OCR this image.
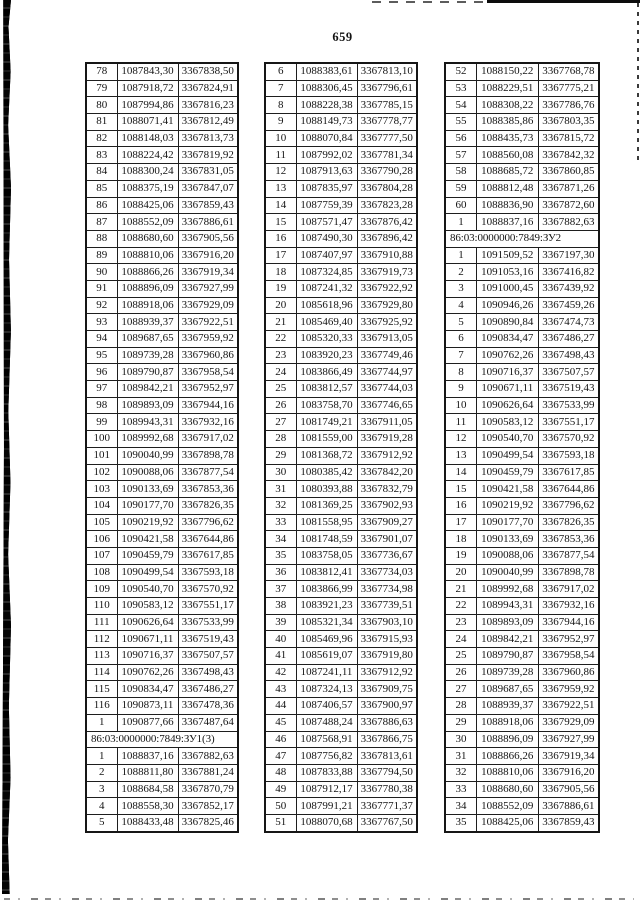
659
78	1087843,30	3367838,50
79	1087918,72	3367824,91
80	1087994,86	3367816,23
81	1088071,41	3367812,49
82	1088148,03	3367813,73
83	1088224,42	3367819,92
84	1088300,24	3367831,05
85	1088375,19	3367847,07
86	1088425,06	3367859,43
87	1088552,09	3367886,61
88	1088680,60	3367905,56
89	1088810,06	3367916,20
90	1088866,26	3367919,34
91	1088896,09	3367927,99
92	1088918,06	3367929,09
93	1088939,37	3367922,51
94	1089687,65	3367959,92
95	1089739,28	3367960,86
96	1089790,87	3367958,54
97	1089842,21	3367952,97
98	1089893,09	3367944,16
99	1089943,31	3367932,16
100	1089992,68	3367917,02
101	1090040,99	3367898,78
102	1090088,06	3367877,54
103	1090133,69	3367853,36
104	1090177,70	3367826,35
105	1090219,92	3367796,62
106	1090421,58	3367644,86
107	1090459,79	3367617,85
108	1090499,54	3367593,18
109	1090540,70	3367570,92
110	1090583,12	3367551,17
111	1090626,64	3367533,99
112	1090671,11	3367519,43
113	1090716,37	3367507,57
114	1090762,26	3367498,43
115	1090834,47	3367486,27
116	1090873,11	3367478,36
1	1090877,66	3367487,64
86:03:0000000:7849:ЗУ1(3)		
1	1088837,16	3367882,63
2	1088811,80	3367881,24
3	1088684,58	3367870,79
4	1088558,30	3367852,17
5	1088433,48	3367825,46
6	1088383,61	3367813,10
7	1088306,45	3367796,61
8	1088228,38	3367785,15
9	1088149,73	3367778,77
10	1088070,84	3367777,50
11	1087992,02	3367781,34
12	1087913,63	3367790,28
13	1087835,97	3367804,28
14	1087759,39	3367823,28
15	1087571,47	3367876,42
16	1087490,30	3367896,42
17	1087407,97	3367910,88
18	1087324,85	3367919,73
19	1087241,32	3367922,92
20	1085618,96	3367929,80
21	1085469,40	3367925,92
22	1085320,33	3367913,05
23	1083920,23	3367749,46
24	1083866,49	3367744,97
25	1083812,57	3367744,03
26	1083758,70	3367746,65
27	1081749,21	3367911,05
28	1081559,00	3367919,28
29	1081368,72	3367912,92
30	1080385,42	3367842,20
31	1080393,88	3367832,79
32	1081369,25	3367902,93
33	1081558,95	3367909,27
34	1081748,59	3367901,07
35	1083758,05	3367736,67
36	1083812,41	3367734,03
37	1083866,99	3367734,98
38	1083921,23	3367739,51
39	1085321,34	3367903,10
40	1085469,96	3367915,93
41	1085619,07	3367919,80
42	1087241,11	3367912,92
43	1087324,13	3367909,75
44	1087406,57	3367900,97
45	1087488,24	3367886,63
46	1087568,91	3367866,75
47	1087756,82	3367813,61
48	1087833,88	3367794,50
49	1087912,17	3367780,38
50	1087991,21	3367771,37
51	1088070,68	3367767,50
52	1088150,22	3367768,78
53	1088229,51	3367775,21
54	1088308,22	3367786,76
55	1088385,86	3367803,35
56	1088435,73	3367815,72
57	1088560,08	3367842,32
58	1088685,72	3367860,85
59	1088812,48	3367871,26
60	1088836,90	3367872,60
1	1088837,16	3367882,63
86:03:0000000:7849:ЗУ2		
1	1091509,52	3367197,30
2	1091053,16	3367416,82
3	1091000,45	3367439,92
4	1090946,26	3367459,26
5	1090890,84	3367474,73
6	1090834,47	3367486,27
7	1090762,26	3367498,43
8	1090716,37	3367507,57
9	1090671,11	3367519,43
10	1090626,64	3367533,99
11	1090583,12	3367551,17
12	1090540,70	3367570,92
13	1090499,54	3367593,18
14	1090459,79	3367617,85
15	1090421,58	3367644,86
16	1090219,92	3367796,62
17	1090177,70	3367826,35
18	1090133,69	3367853,36
19	1090088,06	3367877,54
20	1090040,99	3367898,78
21	1089992,68	3367917,02
22	1089943,31	3367932,16
23	1089893,09	3367944,16
24	1089842,21	3367952,97
25	1089790,87	3367958,54
26	1089739,28	3367960,86
27	1089687,65	3367959,92
28	1088939,37	3367922,51
29	1088918,06	3367929,09
30	1088896,09	3367927,99
31	1088866,26	3367919,34
32	1088810,06	3367916,20
33	1088680,60	3367905,56
34	1088552,09	3367886,61
35	1088425,06	3367859,43
